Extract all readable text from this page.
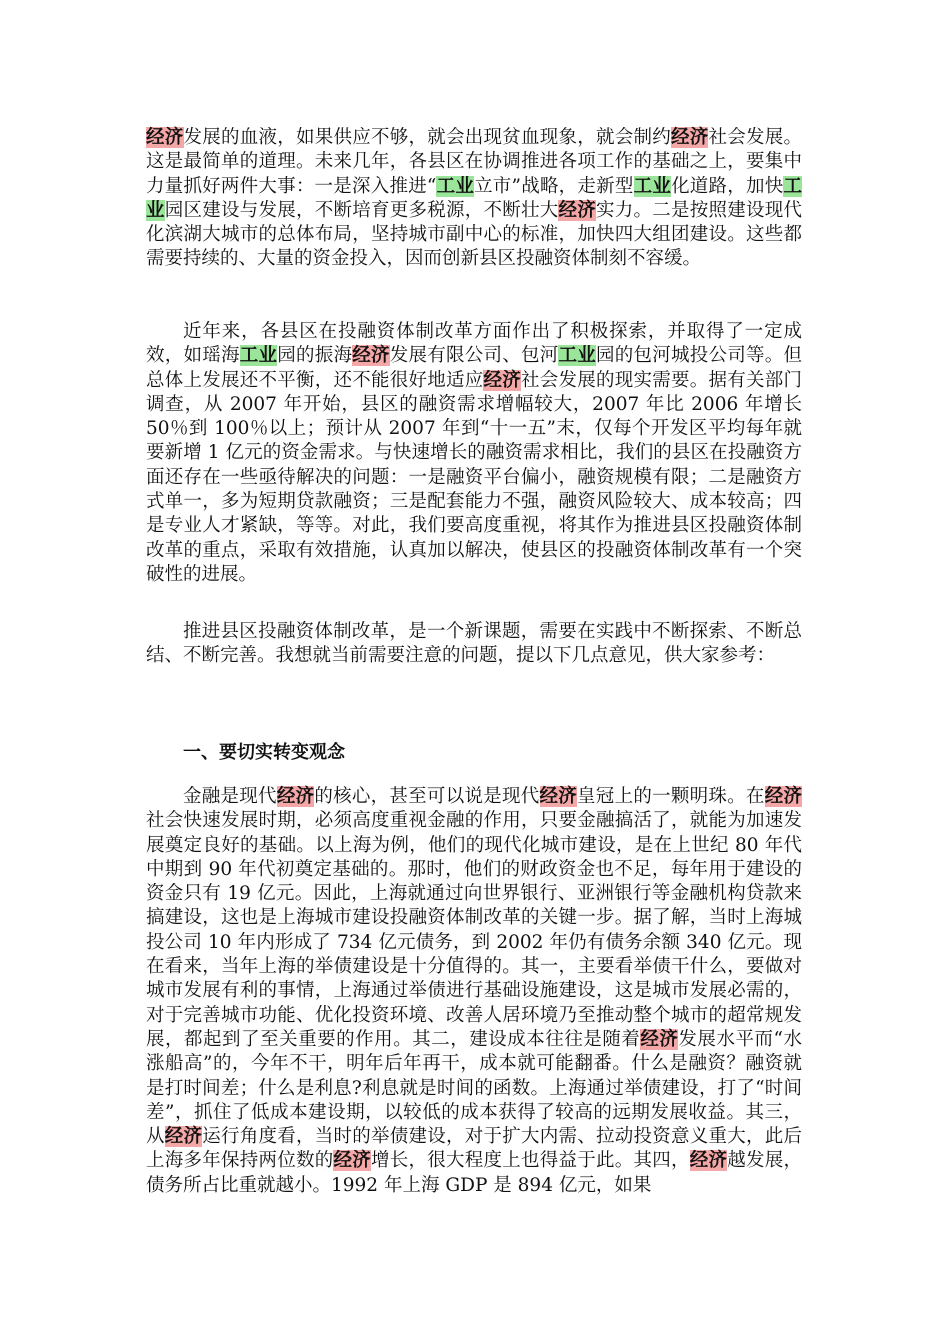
经济发展的血液，如果供应不够，就会出现贫血现象，就会制约经济社会发展。这是最简单的道理。未来几年，各县区在协调推进各项工作的基础之上，要集中力量抓好两件大事：一是深入推进“工业立市”战略，走新型工业化道路，加快工业园区建设与发展，不断培育更多税源，不断壮大经济实力。二是按照建设现代化滨湖大城市的总体布局，坚持城市副中心的标准，加快四大组团建设。这些都需要持续的、大量的资金投入，因而创新县区投融资体制刻不容缓。

近年来，各县区在投融资体制改革方面作出了积极探索，并取得了一定成效，如瑶海工业园的振海经济发展有限公司、包河工业园的包河城投公司等。但总体上发展还不平衡，还不能很好地适应经济社会发展的现实需要。据有关部门调查，从 2007 年开始，县区的融资需求增幅较大，2007 年比 2006 年增长 50％到 100％以上；预计从 2007 年到“十一五”末，仅每个开发区平均每年就要新增 1 亿元的资金需求。与快速增长的融资需求相比，我们的县区在投融资方面还存在一些亟待解决的问题：一是融资平台偏小，融资规模有限；二是融资方式单一，多为短期贷款融资；三是配套能力不强，融资风险较大、成本较高；四是专业人才紧缺，等等。对此，我们要高度重视，将其作为推进县区投融资体制改革的重点，采取有效措施，认真加以解决，使县区的投融资体制改革有一个突破性的进展。

推进县区投融资体制改革，是一个新课题，需要在实践中不断探索、不断总结、不断完善。我想就当前需要注意的问题，提以下几点意见，供大家参考：

一、要切实转变观念

金融是现代经济的核心，甚至可以说是现代经济皇冠上的一颗明珠。在经济社会快速发展时期，必须高度重视金融的作用，只要金融搞活了，就能为加速发展奠定良好的基础。以上海为例，他们的现代化城市建设，是在上世纪 80 年代中期到 90 年代初奠定基础的。那时，他们的财政资金也不足，每年用于建设的资金只有 19 亿元。因此，上海就通过向世界银行、亚洲银行等金融机构贷款来搞建设，这也是上海城市建设投融资体制改革的关键一步。据了解，当时上海城投公司 10 年内形成了 734 亿元债务，到 2002 年仍有债务余额 340 亿元。现在看来，当年上海的举债建设是十分值得的。其一，主要看举债干什么，要做对城市发展有利的事情，上海通过举债进行基础设施建设，这是城市发展必需的，对于完善城市功能、优化投资环境、改善人居环境乃至推动整个城市的超常规发展，都起到了至关重要的作用。其二，建设成本往往是随着经济发展水平而“水涨船高”的，今年不干，明年后年再干，成本就可能翻番。什么是融资？融资就是打时间差；什么是利息?利息就是时间的函数。上海通过举债建设，打了“时间差”，抓住了低成本建设期，以较低的成本获得了较高的远期发展收益。其三，从经济运行角度看，当时的举债建设，对于扩大内需、拉动投资意义重大，此后上海多年保持两位数的经济增长，很大程度上也得益于此。其四，经济越发展，债务所占比重就越小。1992 年上海 GDP 是 894 亿元，如果
